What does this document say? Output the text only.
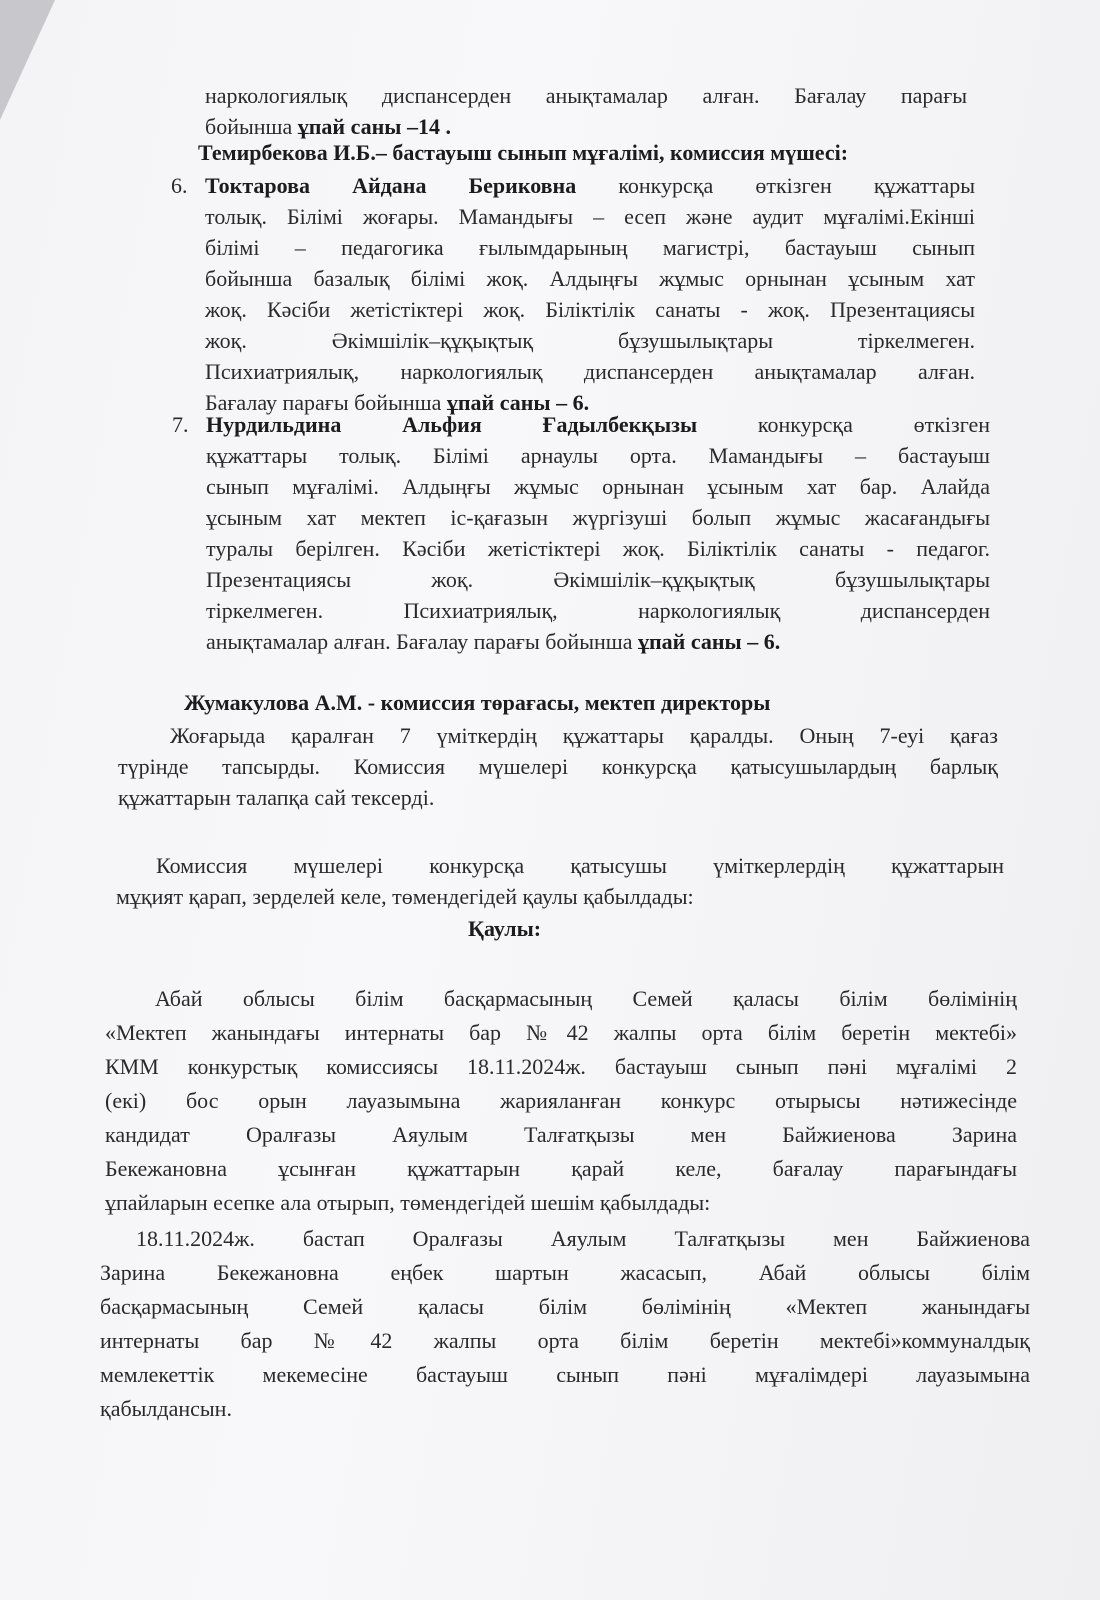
наркологиялық диспансерден анықтамалар алған. Бағалау парағы
бойынша ұпай саны –14 .
Темирбекова И.Б.– бастауыш сынып мұғалімі, комиссия мүшесі:
6. Токтарова Айдана Бериковна конкурсқа өткізген құжаттары
толық. Білімі жоғары. Мамандығы – есеп және аудит мұғалімі.Екінші
білімі – педагогика ғылымдарының магистрі, бастауыш сынып
бойынша базалық білімі жоқ. Алдыңғы жұмыс орнынан ұсыным хат
жоқ. Кәсіби жетістіктері жоқ. Біліктілік санаты - жоқ. Презентациясы
жоқ. Әкімшілік–құқықтық бұзушылықтары тіркелмеген.
Психиатриялық, наркологиялық диспансерден анықтамалар алған.
Бағалау парағы бойынша ұпай саны – 6.
7. Нурдильдина Альфия Ғадылбекқызы конкурсқа өткізген
құжаттары толық. Білімі арнаулы орта. Мамандығы – бастауыш
сынып мұғалімі. Алдыңғы жұмыс орнынан ұсыным хат бар. Алайда
ұсыным хат мектеп іс-қағазын жүргізуші болып жұмыс жасағандығы
туралы берілген. Кәсіби жетістіктері жоқ. Біліктілік санаты - педагог.
Презентациясы жоқ. Әкімшілік–құқықтық бұзушылықтары
тіркелмеген. Психиатриялық, наркологиялық диспансерден
анықтамалар алған. Бағалау парағы бойынша ұпай саны – 6.
Жумакулова А.М. - комиссия төрағасы, мектеп директоры
Жоғарыда қаралған 7 үміткердің құжаттары қаралды. Оның 7-еуі қағаз
түрінде тапсырды. Комиссия мүшелері конкурсқа қатысушылардың барлық
құжаттарын талапқа сай тексерді.
Комиссия мүшелері конкурсқа қатысушы үміткерлердің құжаттарын
мұқият қарап, зерделей келе, төмендегідей қаулы қабылдады:
Қаулы:
Абай облысы білім басқармасының Семей қаласы білім бөлімінің
«Мектеп жанындағы интернаты бар №42 жалпы орта білім беретін мектебі»
КММ конкурстық комиссиясы 18.11.2024ж. бастауыш сынып пәні мұғалімі 2
(екі) бос орын лауазымына жарияланған конкурс отырысы нәтижесінде
кандидат Оралғазы Аяулым Талғатқызы мен Байжиенова Зарина
Бекежановна ұсынған құжаттарын қарай келе, бағалау парағындағы
ұпайларын есепке ала отырып, төмендегідей шешім қабылдады:
18.11.2024ж. бастап Оралғазы Аяулым Талғатқызы мен Байжиенова
Зарина Бекежановна еңбек шартын жасасып, Абай облысы білім
басқармасының Семей қаласы білім бөлімінің «Мектеп жанындағы
интернаты бар №42 жалпы орта білім беретін мектебі»коммуналдық
мемлекеттік мекемесіне бастауыш сынып пәні мұғалімдері лауазымына
қабылдансын.
